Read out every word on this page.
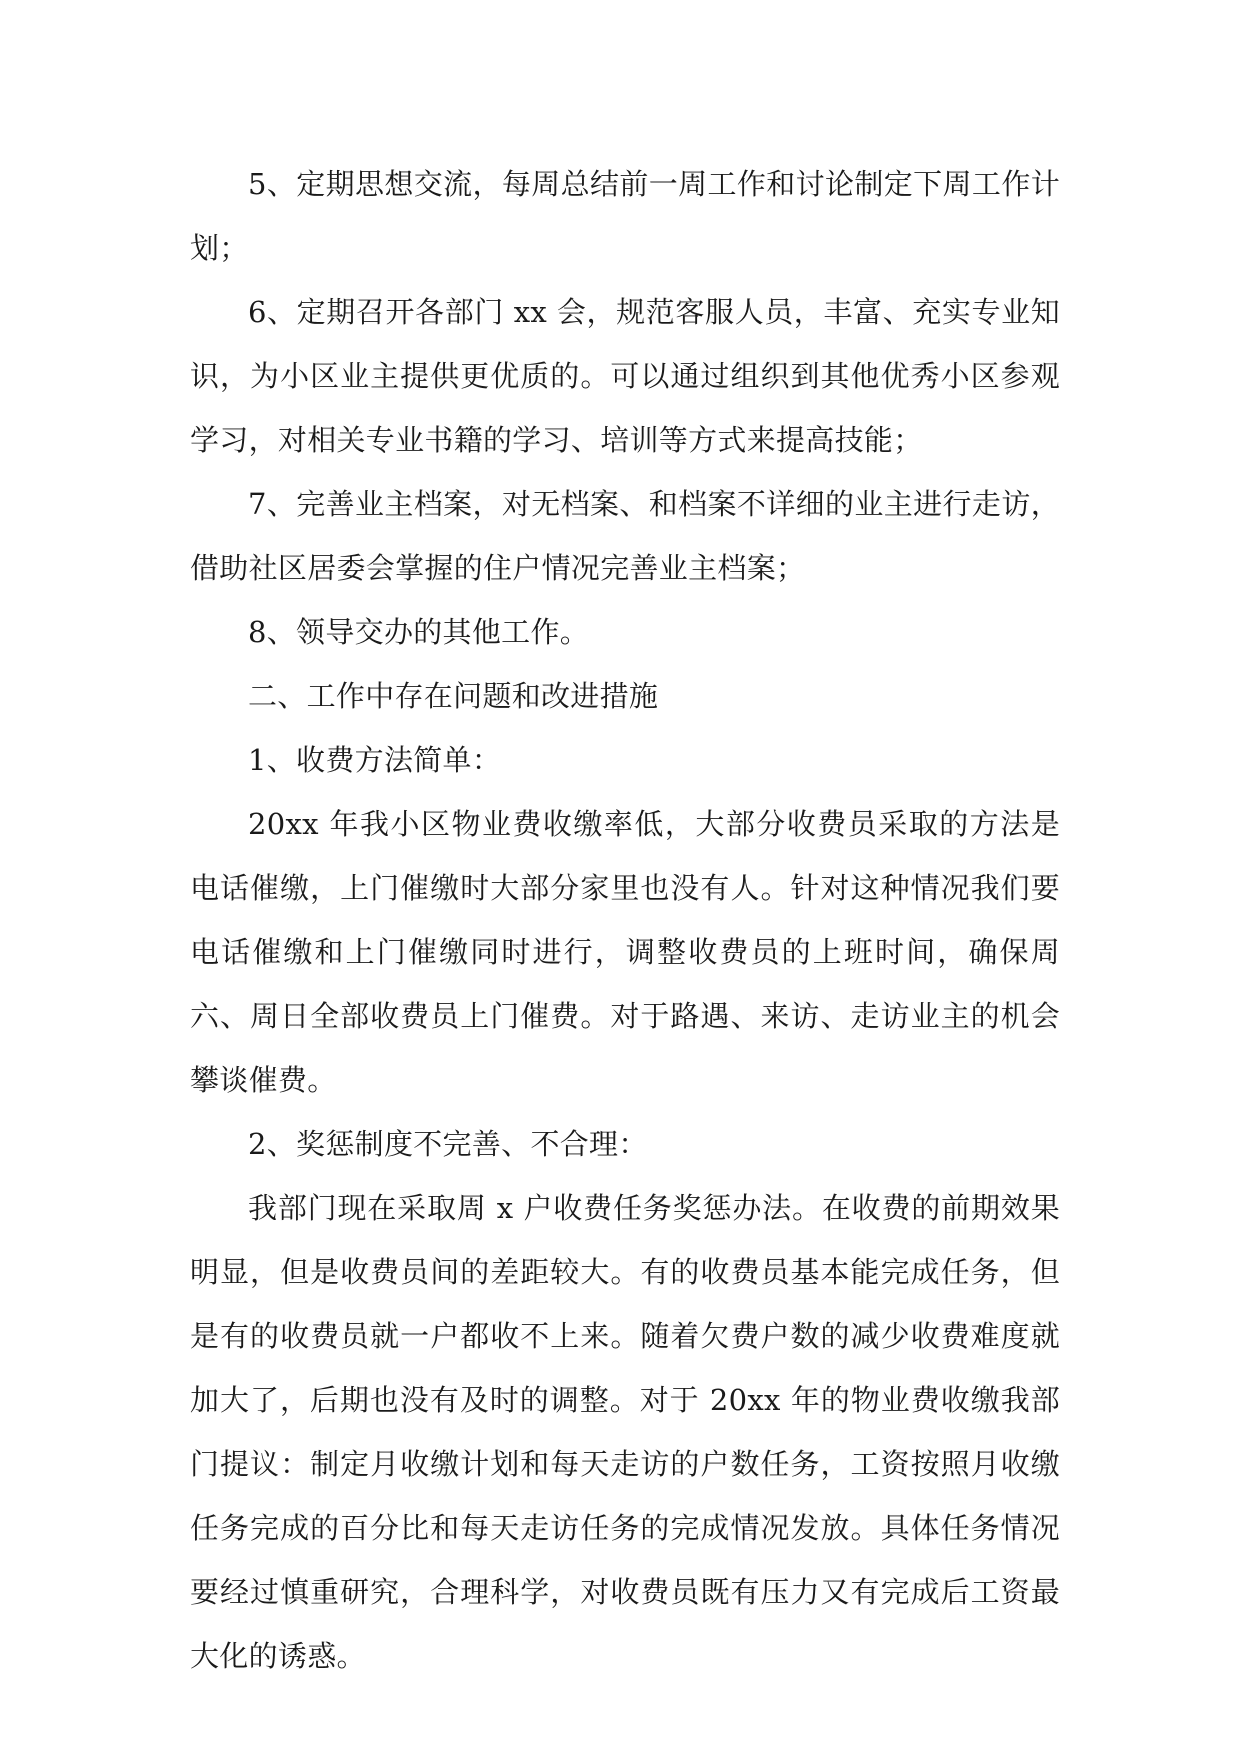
5、定期思想交流，每周总结前一周工作和讨论制定下周工作计划；

6、定期召开各部门 xx 会，规范客服人员，丰富、充实专业知识，为小区业主提供更优质的。可以通过组织到其他优秀小区参观学习，对相关专业书籍的学习、培训等方式来提高技能；

7、完善业主档案，对无档案、和档案不详细的业主进行走访，借助社区居委会掌握的住户情况完善业主档案；

8、领导交办的其他工作。

二、工作中存在问题和改进措施

1、收费方法简单：

20xx 年我小区物业费收缴率低，大部分收费员采取的方法是电话催缴，上门催缴时大部分家里也没有人。针对这种情况我们要电话催缴和上门催缴同时进行，调整收费员的上班时间，确保周六、周日全部收费员上门催费。对于路遇、来访、走访业主的机会攀谈催费。

2、奖惩制度不完善、不合理：

我部门现在采取周 x 户收费任务奖惩办法。在收费的前期效果明显，但是收费员间的差距较大。有的收费员基本能完成任务，但是有的收费员就一户都收不上来。随着欠费户数的减少收费难度就加大了，后期也没有及时的调整。对于 20xx 年的物业费收缴我部门提议：制定月收缴计划和每天走访的户数任务，工资按照月收缴任务完成的百分比和每天走访任务的完成情况发放。具体任务情况要经过慎重研究，合理科学，对收费员既有压力又有完成后工资最大化的诱惑。
